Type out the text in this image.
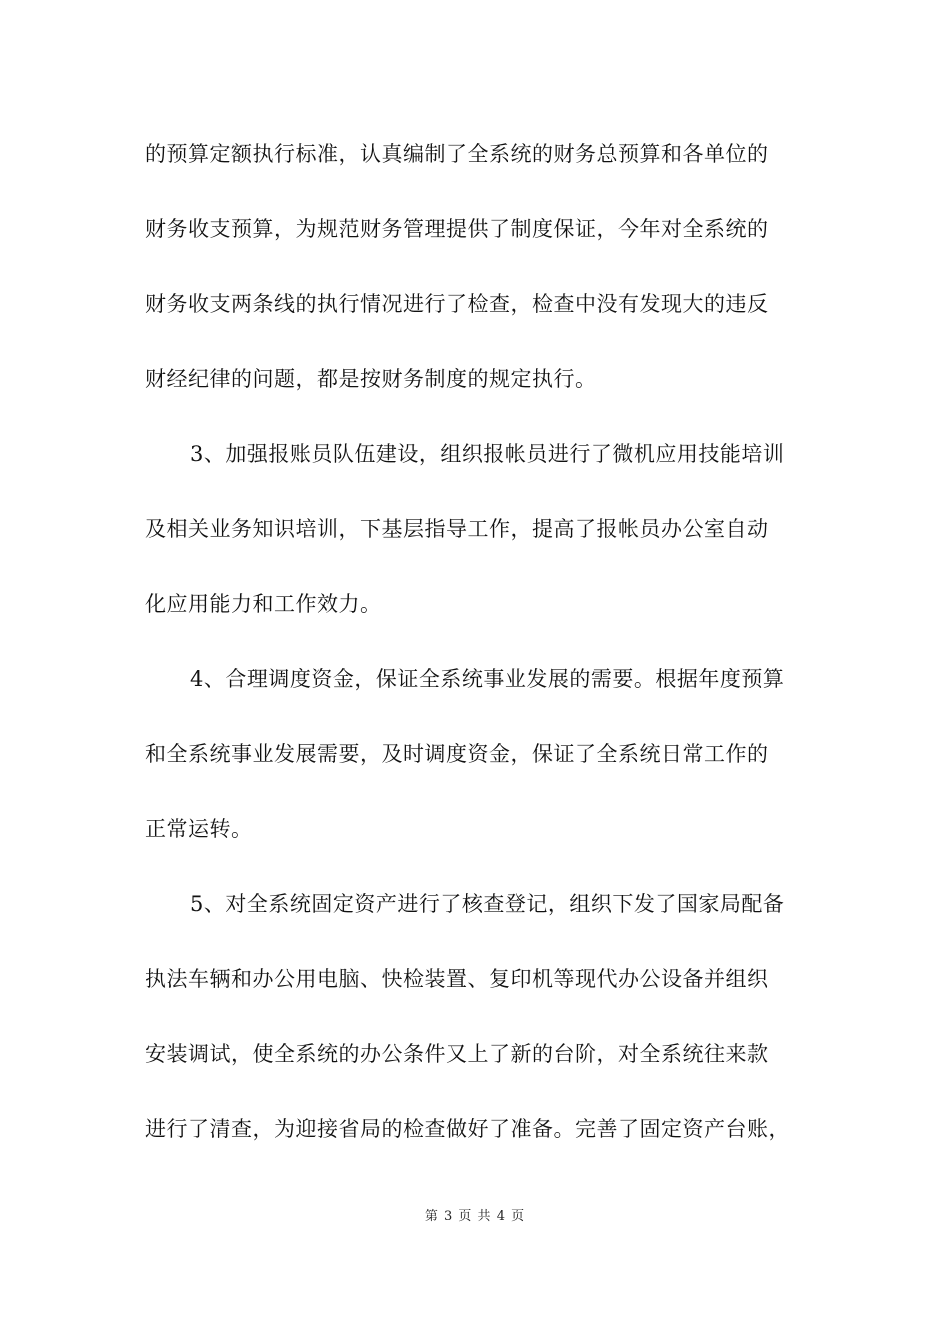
的预算定额执行标准，认真编制了全系统的财务总预算和各单位的
财务收支预算，为规范财务管理提供了制度保证，今年对全系统的
财务收支两条线的执行情况进行了检查，检查中没有发现大的违反
财经纪律的问题，都是按财务制度的规定执行。
3、加强报账员队伍建设，组织报帐员进行了微机应用技能培训
及相关业务知识培训，下基层指导工作，提高了报帐员办公室自动
化应用能力和工作效力。
4、合理调度资金，保证全系统事业发展的需要。根据年度预算
和全系统事业发展需要，及时调度资金，保证了全系统日常工作的
正常运转。
5、对全系统固定资产进行了核查登记，组织下发了国家局配备
执法车辆和办公用电脑、快检装置、复印机等现代办公设备并组织
安装调试，使全系统的办公条件又上了新的台阶，对全系统往来款
进行了清查，为迎接省局的检查做好了准备。完善了固定资产台账，
第 3 页 共 4 页
